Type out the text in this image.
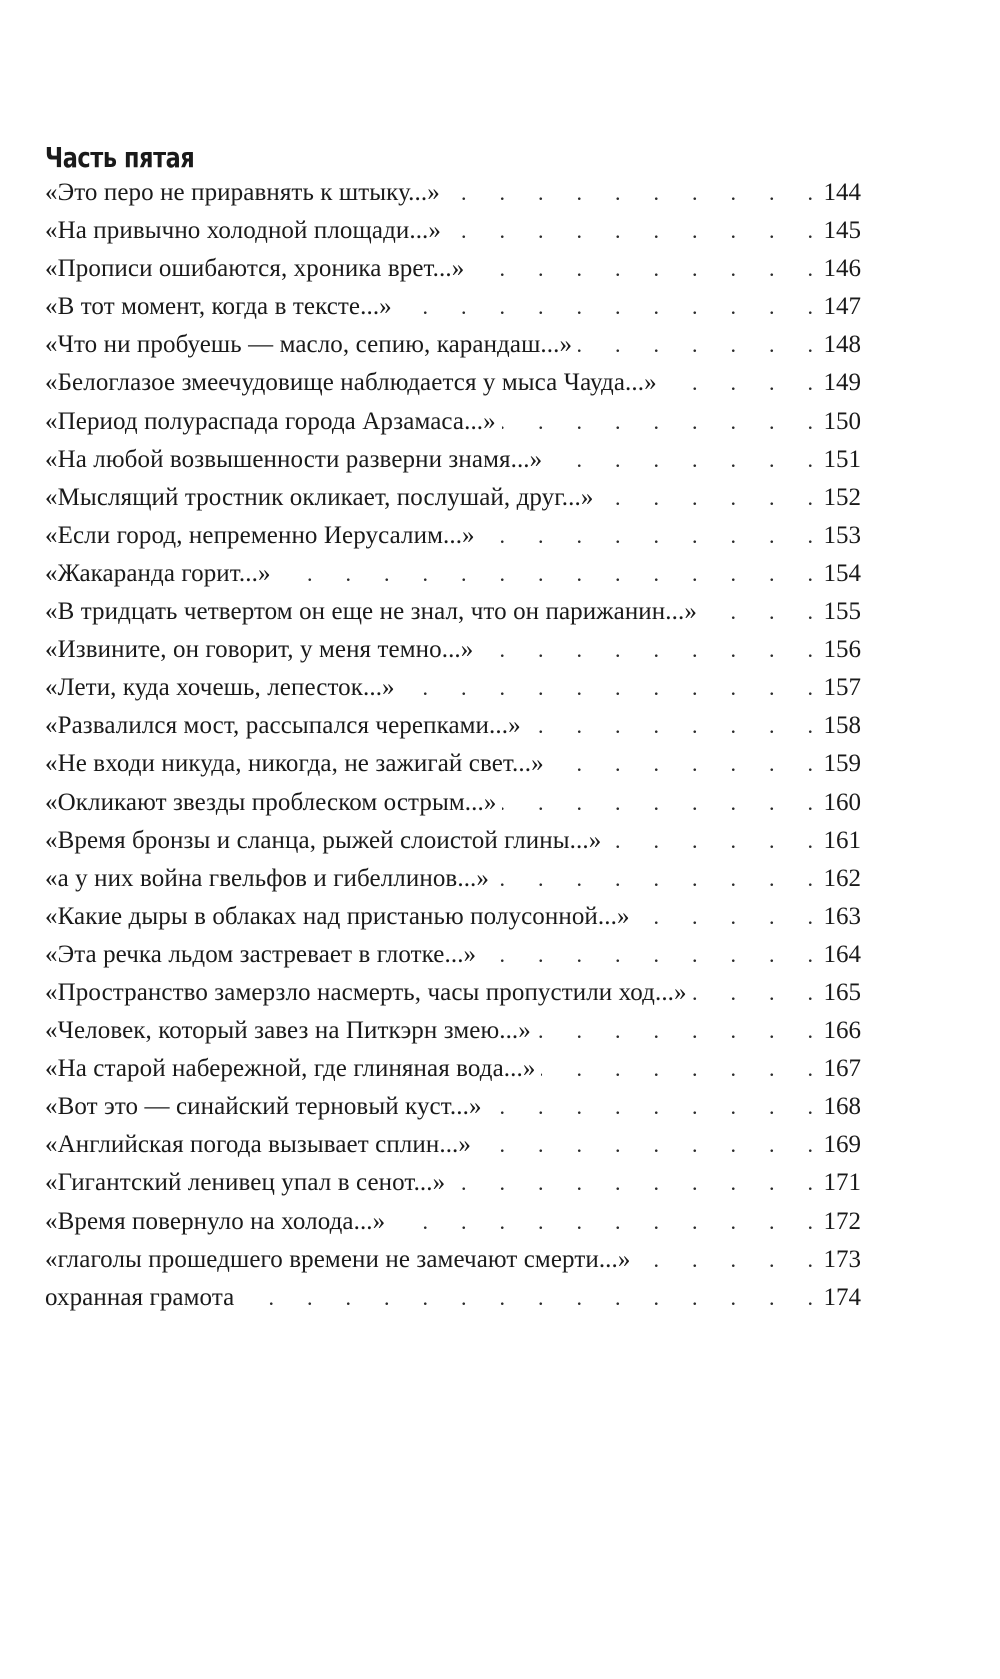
Часть пятая
«Это перо не приравнять к штыку...» .	144
«На привычно холодной площади...» .	145
«Прописи ошибаются, хроника врет...» .	146
«В тот момент, когда в тексте...» .	147
«Что ни пробуешь — масло, сепию, карандаш...» .	148
«Белоглазое змеечудовище наблюдается у мыса Чауда...» .	149
«Период полураспада города Арзамаса...» .	150
«На любой возвышенности разверни знамя...» .	151
«Мыслящий тростник окликает, послушай, друг...» .	152
«Если город, непременно Иерусалим...» .	153
«Жакаранда горит...» .	154
«В тридцать четвертом он еще не знал, что он парижанин...» .	155
«Извините, он говорит, у меня темно...» .	156
«Лети, куда хочешь, лепесток...» .	157
«Развалился мост, рассыпался черепками...» .	158
«Не входи никуда, никогда, не зажигай свет...» .	159
«Окликают звезды проблеском острым...» .	160
«Время бронзы и сланца, рыжей слоистой глины...» .	161
«а у них война гвельфов и гибеллинов...» .	162
«Какие дыры в облаках над пристанью полусонной...» .	163
«Эта речка льдом застревает в глотке...» .	164
«Пространство замерзло насмерть, часы пропустили ход...» .	165
«Человек, который завез на Питкэрн змею...» .	166
«На старой набережной, где глиняная вода...» .	167
«Вот это — синайский терновый куст...» .	168
«Английская погода вызывает сплин...» .	169
«Гигантский ленивец упал в сенот...» .	171
«Время повернуло на холода...» .	172
«глаголы прошедшего времени не замечают смерти...» .	173
охранная грамота .	174
